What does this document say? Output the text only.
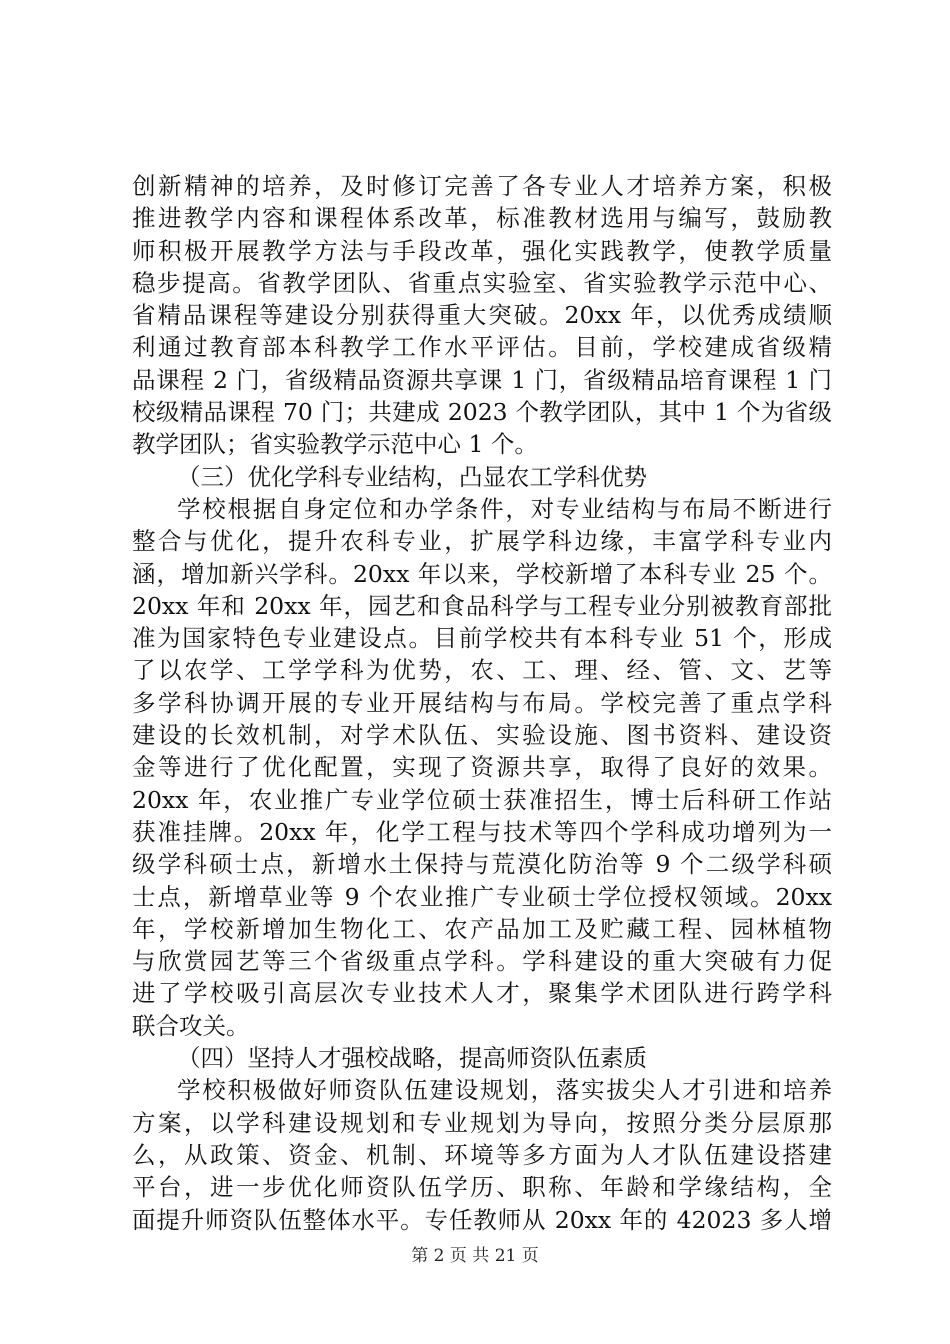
创新精神的培养，及时修订完善了各专业人才培养方案，积极
推进教学内容和课程体系改革，标准教材选用与编写，鼓励教
师积极开展教学方法与手段改革，强化实践教学，使教学质量
稳步提高。省教学团队、省重点实验室、省实验教学示范中心、
省精品课程等建设分别获得重大突破。20xx 年，以优秀成绩顺
利通过教育部本科教学工作水平评估。目前，学校建成省级精
品课程 2 门，省级精品资源共享课 1 门，省级精品培育课程 1 门
校级精品课程 70 门；共建成 2023 个教学团队，其中 1 个为省级
教学团队；省实验教学示范中心 1 个。
（三）优化学科专业结构，凸显农工学科优势
学校根据自身定位和办学条件，对专业结构与布局不断进行
整合与优化，提升农科专业，扩展学科边缘，丰富学科专业内
涵，增加新兴学科。20xx 年以来，学校新增了本科专业 25 个。
20xx 年和 20xx 年，园艺和食品科学与工程专业分别被教育部批
准为国家特色专业建设点。目前学校共有本科专业 51 个，形成
了以农学、工学学科为优势，农、工、理、经、管、文、艺等
多学科协调开展的专业开展结构与布局。学校完善了重点学科
建设的长效机制，对学术队伍、实验设施、图书资料、建设资
金等进行了优化配置，实现了资源共享，取得了良好的效果。
20xx 年，农业推广专业学位硕士获准招生，博士后科研工作站
获准挂牌。20xx 年，化学工程与技术等四个学科成功增列为一
级学科硕士点，新增水土保持与荒漠化防治等 9 个二级学科硕
士点，新增草业等 9 个农业推广专业硕士学位授权领域。20xx
年，学校新增加生物化工、农产品加工及贮藏工程、园林植物
与欣赏园艺等三个省级重点学科。学科建设的重大突破有力促
进了学校吸引高层次专业技术人才，聚集学术团队进行跨学科
联合攻关。
（四）坚持人才强校战略，提高师资队伍素质
学校积极做好师资队伍建设规划，落实拔尖人才引进和培养
方案，以学科建设规划和专业规划为导向，按照分类分层原那
么，从政策、资金、机制、环境等多方面为人才队伍建设搭建
平台，进一步优化师资队伍学历、职称、年龄和学缘结构，全
面提升师资队伍整体水平。专任教师从 20xx 年的 42023 多人增
第 2 页 共 21 页
